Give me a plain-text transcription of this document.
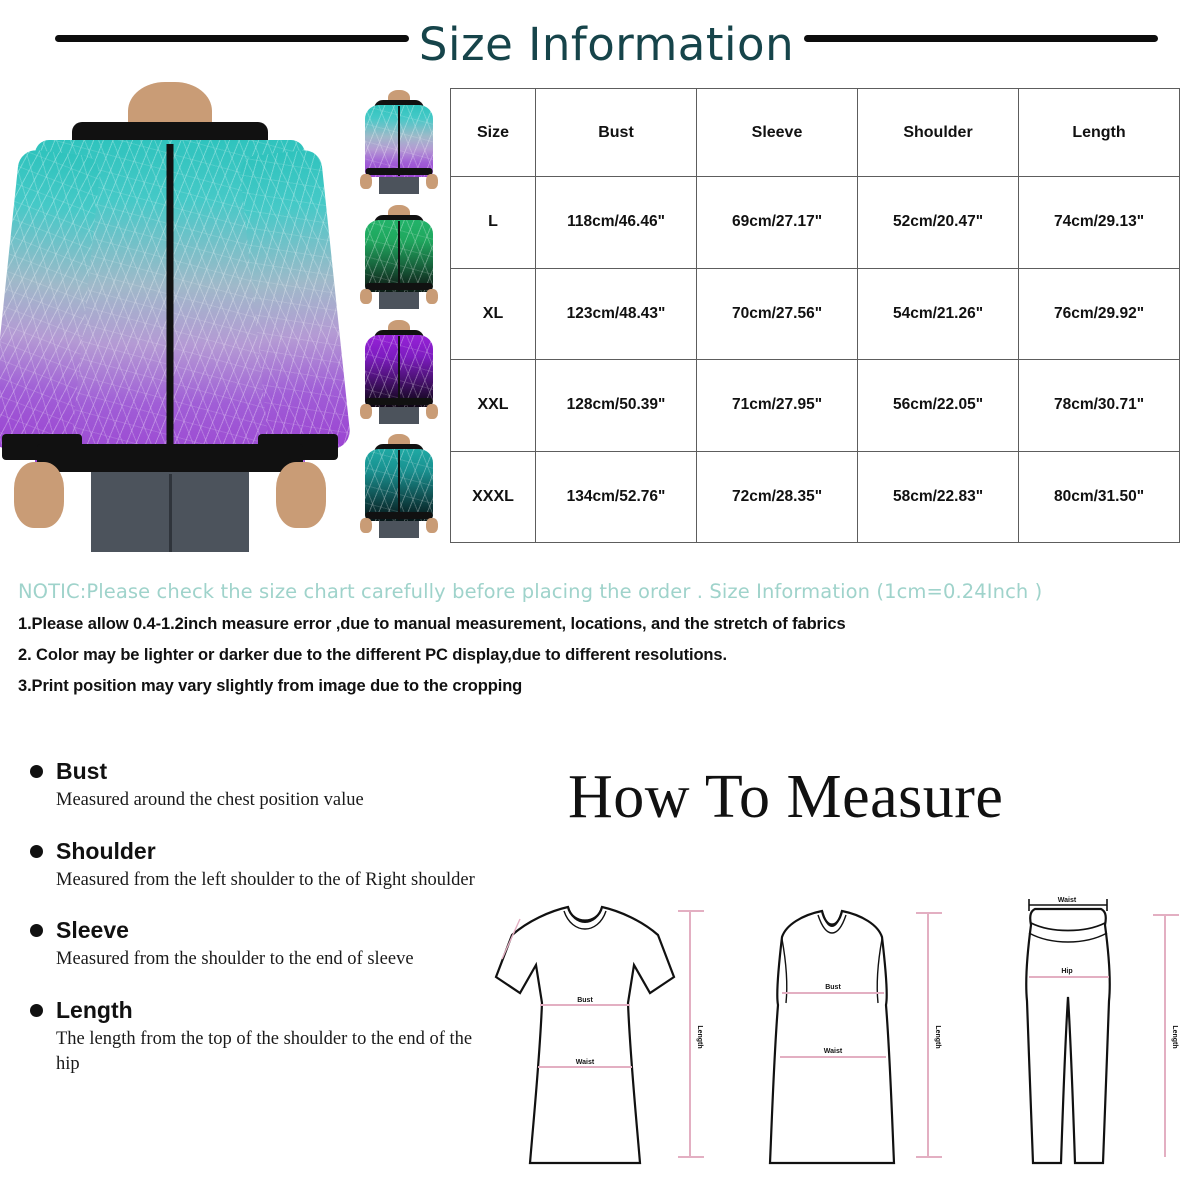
Size Information
Size	Bust	Sleeve	Shoulder	Length
L	118cm/46.46"	69cm/27.17"	52cm/20.47"	74cm/29.13"
XL	123cm/48.43"	70cm/27.56"	54cm/21.26"	76cm/29.92"
XXL	128cm/50.39"	71cm/27.95"	56cm/22.05"	78cm/30.71"
XXXL	134cm/52.76"	72cm/28.35"	58cm/22.83"	80cm/31.50"
NOTIC:Please check the size chart carefully before placing the order . Size Information (1cm=0.24Inch )
1.Please allow 0.4-1.2inch measure error ,due to manual measurement, locations, and the stretch of fabrics
2. Color may be lighter or darker due to the different PC display,due to different resolutions.
3.Print position may vary slightly from image due to the cropping
Bust
Measured around the chest position value
Shoulder
Measured from the left shoulder to the of Right shoulder
Sleeve
Measured from the shoulder to the end of sleeve
Length
The length from the top of the shoulder to the end of the hip
How To Measure
Bust
Waist
Length
Bust
Waist
Length
Waist
Hip
Length
